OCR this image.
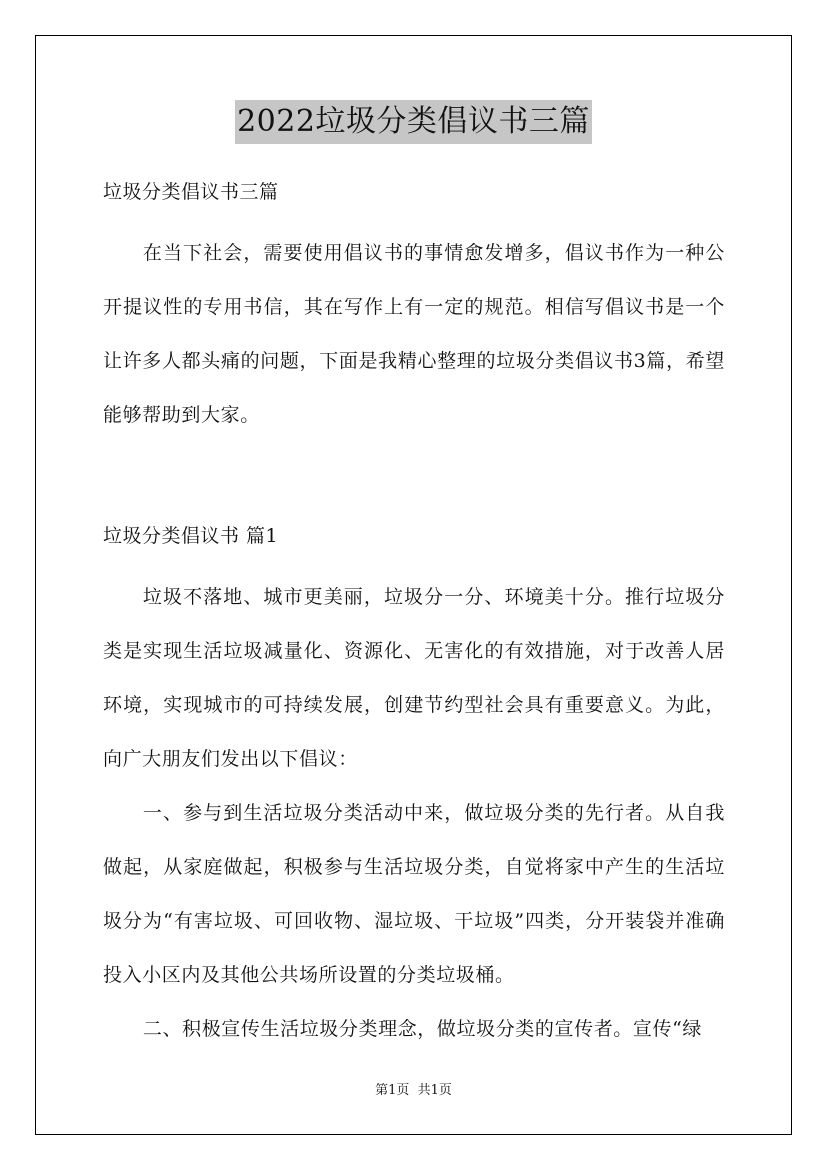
2022垃圾分类倡议书三篇

垃圾分类倡议书三篇

在当下社会，需要使用倡议书的事情愈发增多，倡议书作为一种公开提议性的专用书信，其在写作上有一定的规范。相信写倡议书是一个让许多人都头痛的问题，下面是我精心整理的垃圾分类倡议书3篇，希望能够帮助到大家。

垃圾分类倡议书 篇1

垃圾不落地、城市更美丽，垃圾分一分、环境美十分。推行垃圾分类是实现生活垃圾减量化、资源化、无害化的有效措施，对于改善人居环境，实现城市的可持续发展，创建节约型社会具有重要意义。为此，向广大朋友们发出以下倡议：

一、参与到生活垃圾分类活动中来，做垃圾分类的先行者。从自我做起，从家庭做起，积极参与生活垃圾分类，自觉将家中产生的生活垃圾分为“有害垃圾、可回收物、湿垃圾、干垃圾”四类，分开装袋并准确投入小区内及其他公共场所设置的分类垃圾桶。

二、积极宣传生活垃圾分类理念，做垃圾分类的宣传者。宣传“绿

第1页 共1页
